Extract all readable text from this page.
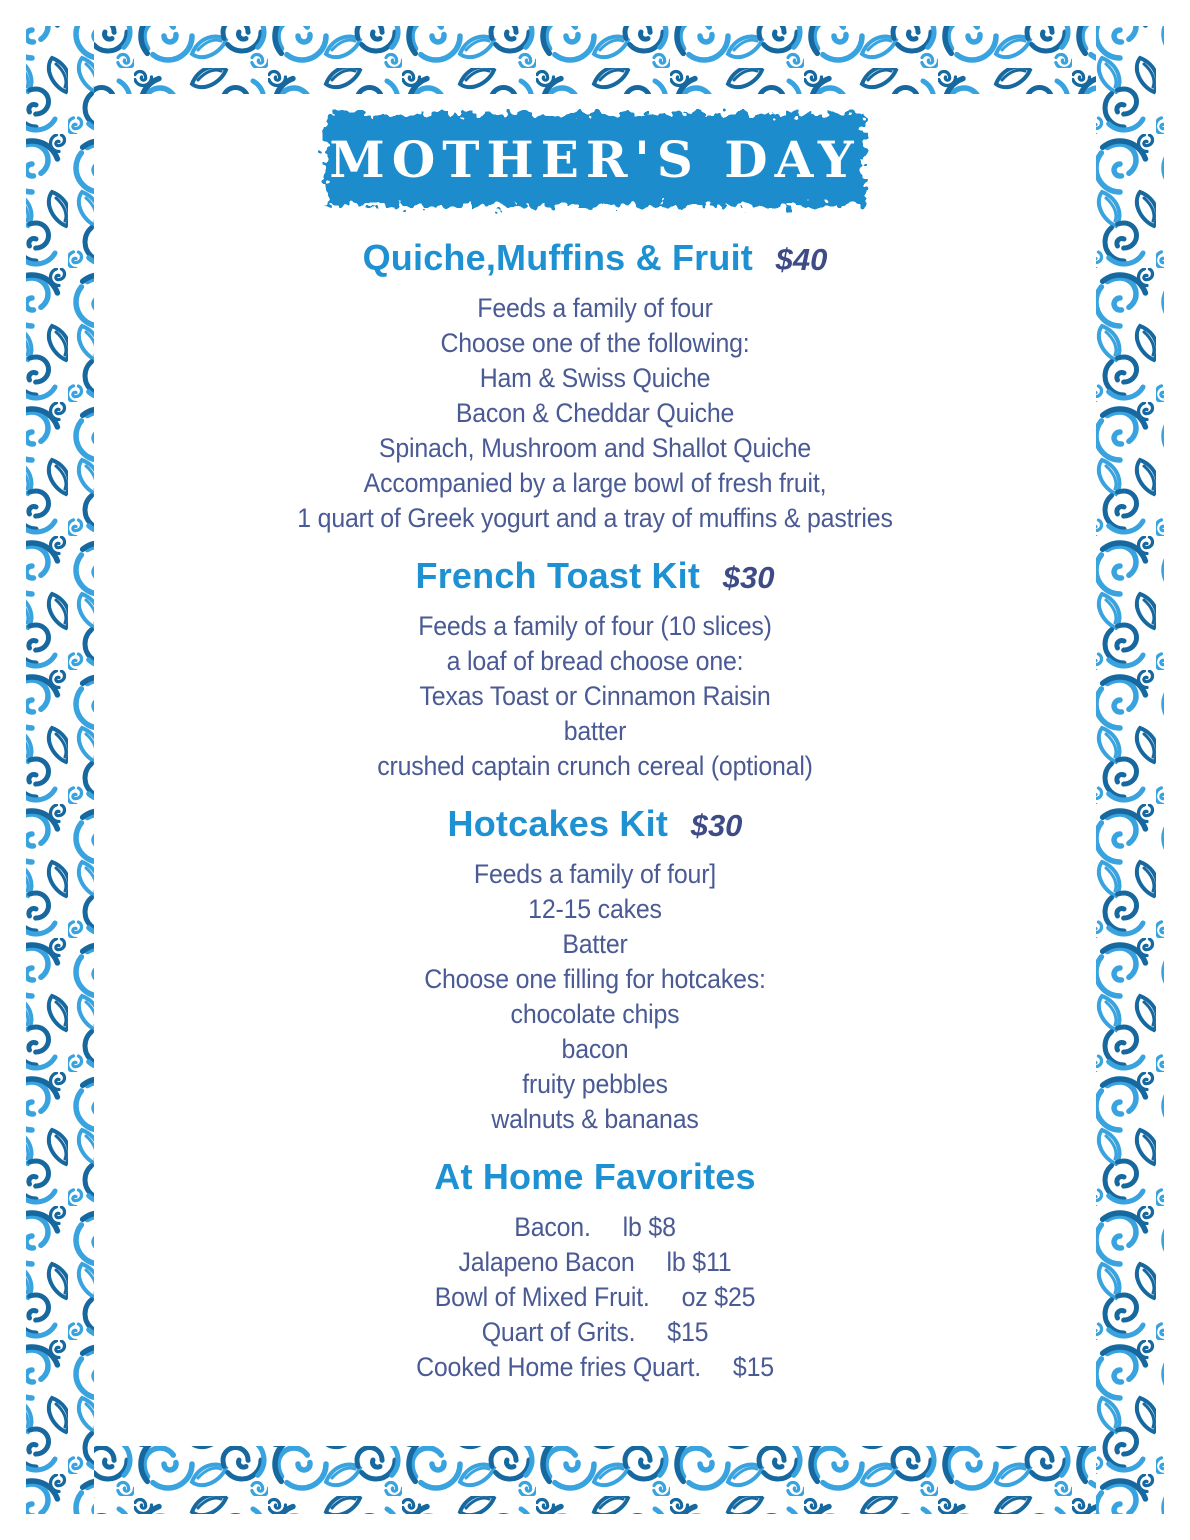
MOTHER'S DAY
Quiche,Muffins & Fruit $40
Feeds a family of four
Choose one of the following:
Ham & Swiss Quiche
Bacon & Cheddar Quiche
Spinach, Mushroom and Shallot Quiche
Accompanied by a large bowl of fresh fruit,
1 quart of Greek yogurt and a tray of muffins & pastries
French Toast Kit $30
Feeds a family of four (10 slices)
a loaf of bread choose one:
Texas Toast or Cinnamon Raisin
batter
crushed captain crunch cereal (optional)
Hotcakes Kit $30
Feeds a family of four]
12-15 cakes
Batter
Choose one filling for hotcakes:
chocolate chips
bacon
fruity pebbles
walnuts & bananas
At Home Favorites
Bacon. lb $8
Jalapeno Bacon lb $11
Bowl of Mixed Fruit. oz $25
Quart of Grits. $15
Cooked Home fries Quart. $15
